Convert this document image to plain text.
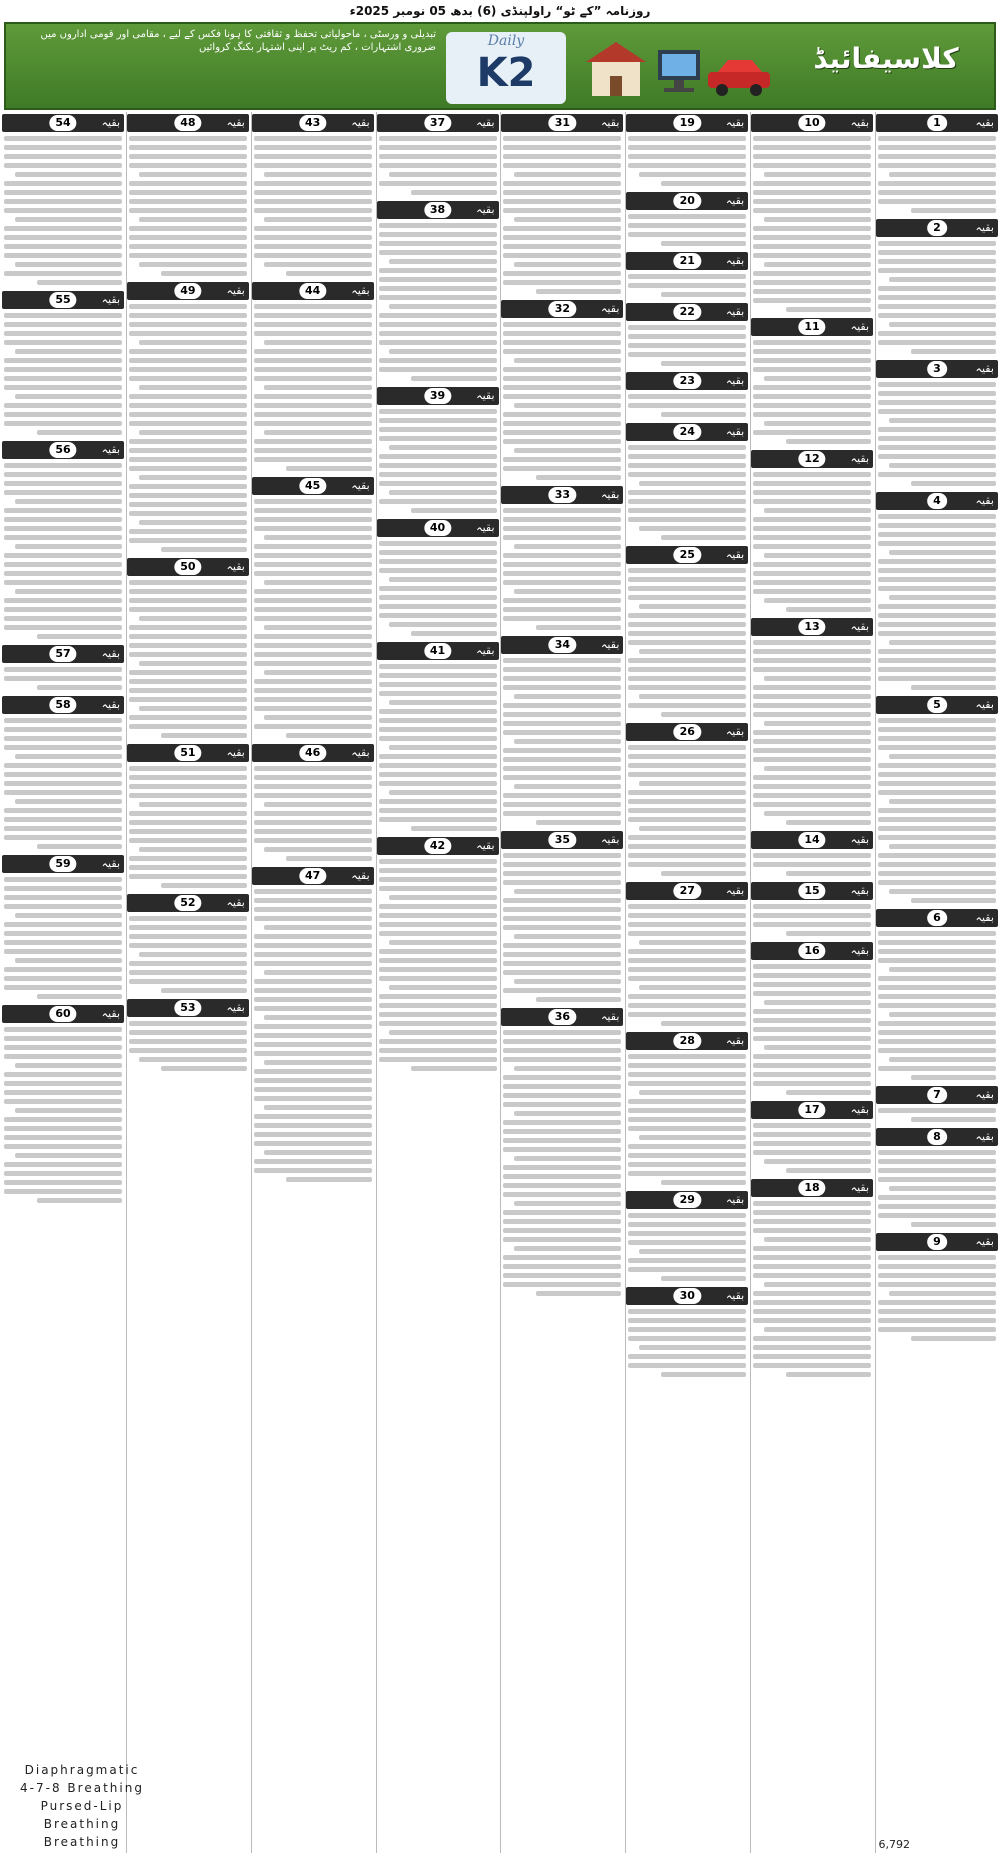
روزنامہ ”کے ٹو“ راولپنڈی (6) بدھ 05 نومبر 2025ء
تبدیلی و ورسٹی ، ماحولیاتی تحفظ و ثقافتی کا ہونا فکس کے لیے ، مقامی اور قومی اداروں میں ضروری اشتہارات ، کم ریٹ پر اپنی اشتہار بکنگ کروائیں	Daily
K2	کلاسیفائیڈ
بقیہ
1
بقیہ
2
بقیہ
3
بقیہ
4
بقیہ
5
بقیہ
6
بقیہ
7
بقیہ
8
بقیہ
9
بقیہ
10
بقیہ
11
بقیہ
12
بقیہ
13
بقیہ
14
بقیہ
15
بقیہ
16
بقیہ
17
بقیہ
18
بقیہ
19
بقیہ
20
بقیہ
21
بقیہ
22
بقیہ
23
بقیہ
24
بقیہ
25
بقیہ
26
بقیہ
27
بقیہ
28
بقیہ
29
بقیہ
30
بقیہ
31
بقیہ
32
بقیہ
33
بقیہ
34
بقیہ
35
بقیہ
36
بقیہ
37
بقیہ
38
بقیہ
39
بقیہ
40
بقیہ
41
بقیہ
42
بقیہ
43
بقیہ
44
بقیہ
45
بقیہ
46
بقیہ
47
بقیہ
48
بقیہ
49
بقیہ
50
بقیہ
51
بقیہ
52
بقیہ
53
بقیہ
54
بقیہ
55
بقیہ
56
بقیہ
57
بقیہ
58
بقیہ
59
بقیہ
60
Diaphragmatic
4-7-8 Breathing
Pursed-Lip Breathing
Breathing	6,792
